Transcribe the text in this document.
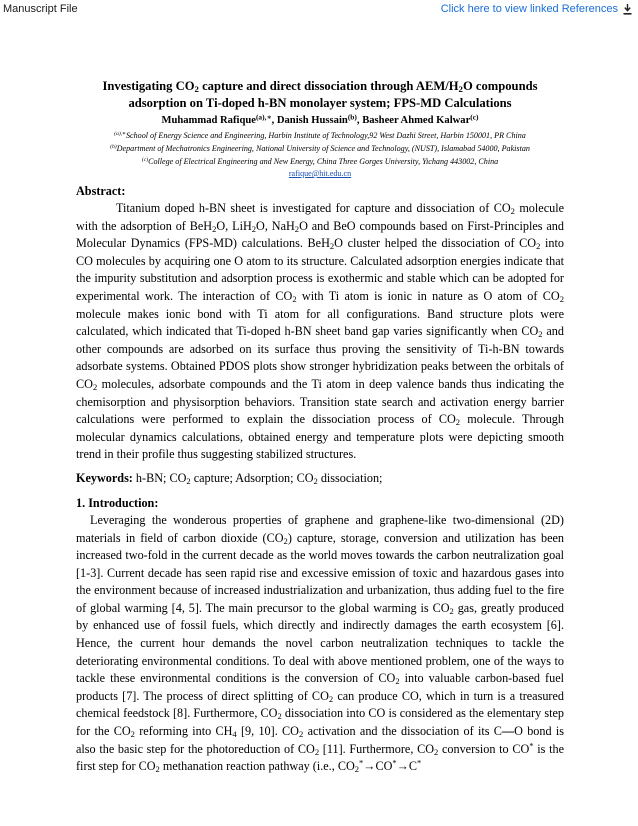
Manuscript File	Click here to view linked References
Investigating $CO_2$ capture and direct dissociation through AEM/$H_2O$ compounds adsorption on Ti-doped h-BN monolayer system; FPS-MD Calculations
Muhammad Rafique$^{(a),∗}$, Danish Hussain$^{(b)}$, Basheer Ahmed Kalwar$^{(c)}$
$^{(a),∗}$School of Energy Science and Engineering, Harbin Institute of Technology,92 West Dazhi Street, Harbin 150001, PR China
$^{(b)}$Department of Mechatronics Engineering, National University of Science and Technology, (NUST), Islamabad 54000, Pakistan
$^{(c)}$College of Electrical Engineering and New Energy, China Three Gorges University, Yichang 443002, China
rafique@hit.edu.cn
Abstract:
Titanium doped h-BN sheet is investigated for capture and dissociation of $CO_2$ molecule with the adsorption of BeH$_2$O, LiH$_2$O, NaH$_2$O and BeO compounds based on First-Principles and Molecular Dynamics (FPS-MD) calculations. BeH$_2$O cluster helped the dissociation of $CO_2$ into CO molecules by acquiring one O atom to its structure. Calculated adsorption energies indicate that the impurity substitution and adsorption process is exothermic and stable which can be adopted for experimental work. The interaction of $CO_2$ with Ti atom is ionic in nature as O atom of $CO_2$ molecule makes ionic bond with Ti atom for all configurations. Band structure plots were calculated, which indicated that Ti-doped h-BN sheet band gap varies significantly when $CO_2$ and other compounds are adsorbed on its surface thus proving the sensitivity of Ti-h-BN towards adsorbate systems. Obtained PDOS plots show stronger hybridization peaks between the orbitals of $CO_2$ molecules, adsorbate compounds and the Ti atom in deep valence bands thus indicating the chemisorption and physisorption behaviors. Transition state search and activation energy barrier calculations were performed to explain the dissociation process of $CO_2$ molecule. Through molecular dynamics calculations, obtained energy and temperature plots were depicting smooth trend in their profile thus suggesting stabilized structures.
Keywords: h-BN; $CO_2$ capture; Adsorption; $CO_2$ dissociation;
1. Introduction:
Leveraging the wonderous properties of graphene and graphene-like two-dimensional (2D) materials in field of carbon dioxide $(CO_2)$ capture, storage, conversion and utilization has been increased two-fold in the current decade as the world moves towards the carbon neutralization goal [1-3]. Current decade has seen rapid rise and excessive emission of toxic and hazardous gases into the environment because of increased industrialization and urbanization, thus adding fuel to the fire of global warming [4, 5]. The main precursor to the global warming is $CO_2$ gas, greatly produced by enhanced use of fossil fuels, which directly and indirectly damages the earth ecosystem [6]. Hence, the current hour demands the novel carbon neutralization techniques to tackle the deteriorating environmental conditions. To deal with above mentioned problem, one of the ways to tackle these environmental conditions is the conversion of $CO_2$ into valuable carbon-based fuel products [7]. The process of direct splitting of $CO_2$ can produce CO, which in turn is a treasured chemical feedstock [8]. Furthermore, $CO_2$ dissociation into CO is considered as the elementary step for the $CO_2$ reforming into $CH_4$ [9, 10]. $CO_2$ activation and the dissociation of its C—O bond is also the basic step for the photoreduction of $CO_2$ [11]. Furthermore, $CO_2$ conversion to CO* is the first step for $CO_2$ methanation reaction pathway (i.e., $CO_2^*\to CO^*\to C^*$
